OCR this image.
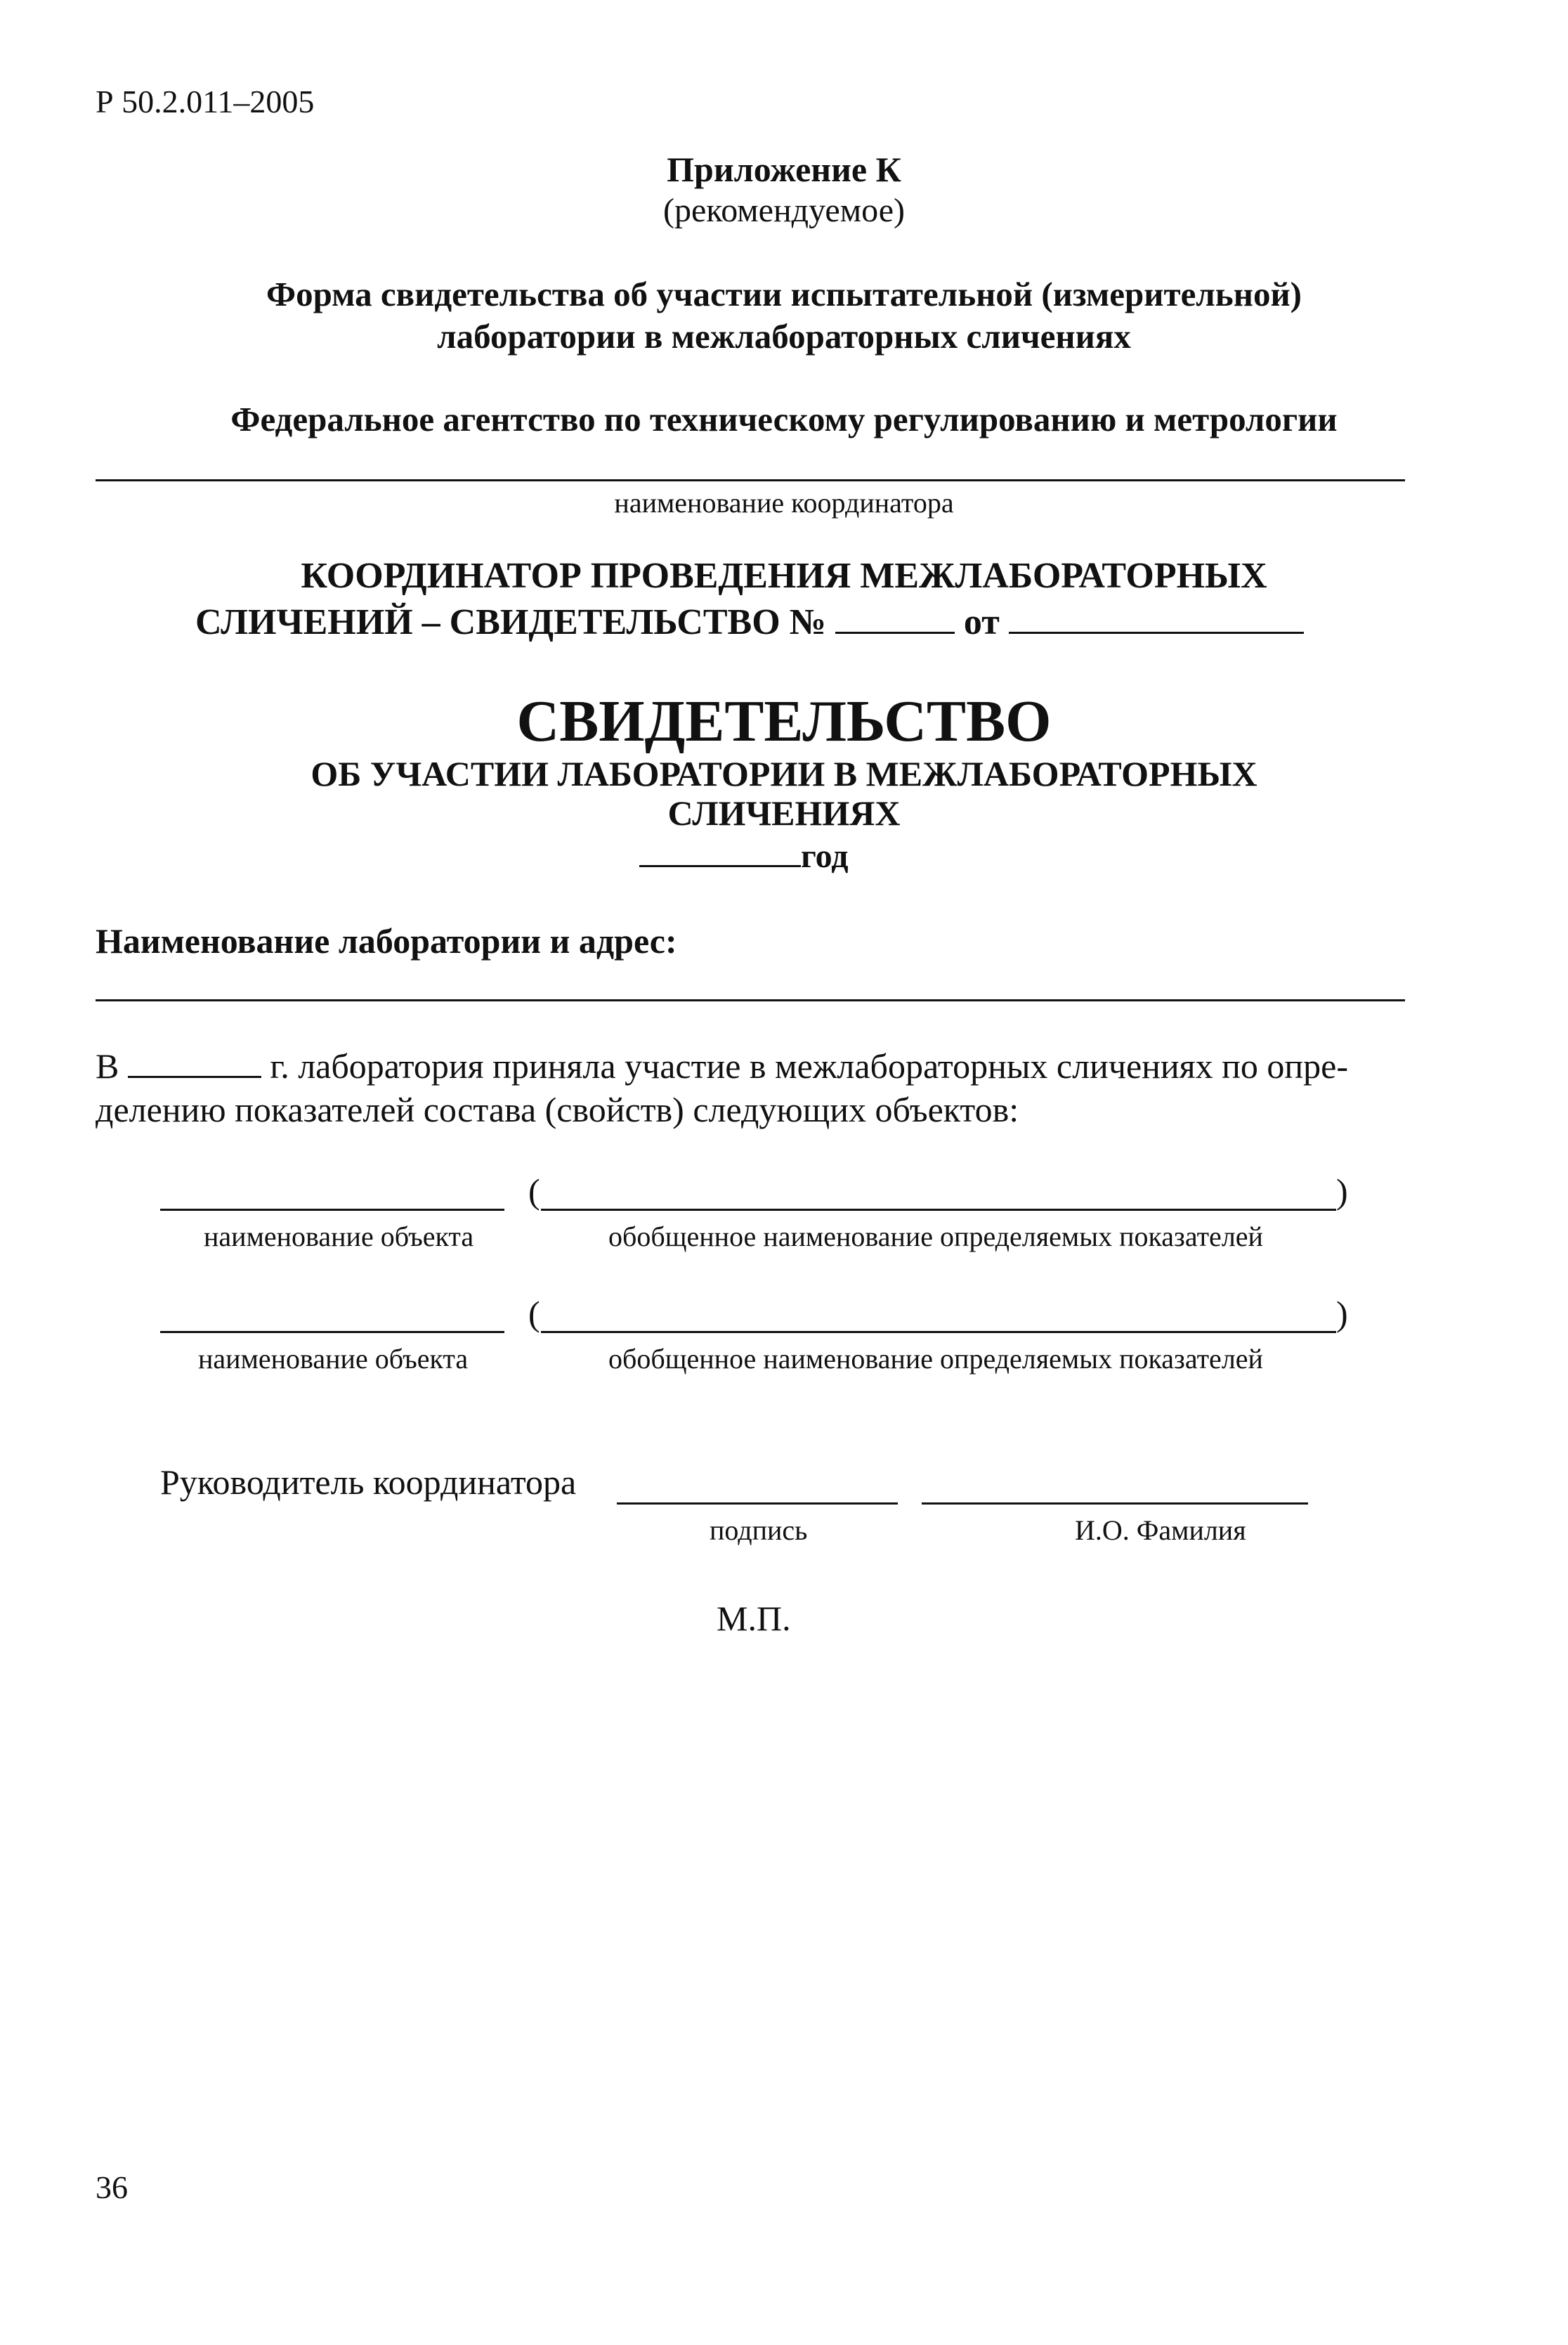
Р 50.2.011–2005
Приложение К
(рекомендуемое)
Форма свидетельства об участии испытательной (измерительной)
лаборатории в межлабораторных сличениях
Федеральное агентство по техническому регулированию и метрологии
наименование координатора
КООРДИНАТОР ПРОВЕДЕНИЯ МЕЖЛАБОРАТОРНЫХ
СЛИЧЕНИЙ – СВИДЕТЕЛЬСТВО №	от
СВИДЕТЕЛЬСТВО
ОБ УЧАСТИИ ЛАБОРАТОРИИ В МЕЖЛАБОРАТОРНЫХ
СЛИЧЕНИЯХ
год
Наименование лаборатории и адрес:
В	г. лаборатория приняла участие в межлабораторных сличениях по опре-
делению показателей состава (свойств) следующих объектов:
(	)
наименование объекта	обобщенное наименование определяемых показателей
(	)
наименование объекта	обобщенное наименование определяемых показателей
Руководитель координатора
подпись	И.О. Фамилия
М.П.
36
